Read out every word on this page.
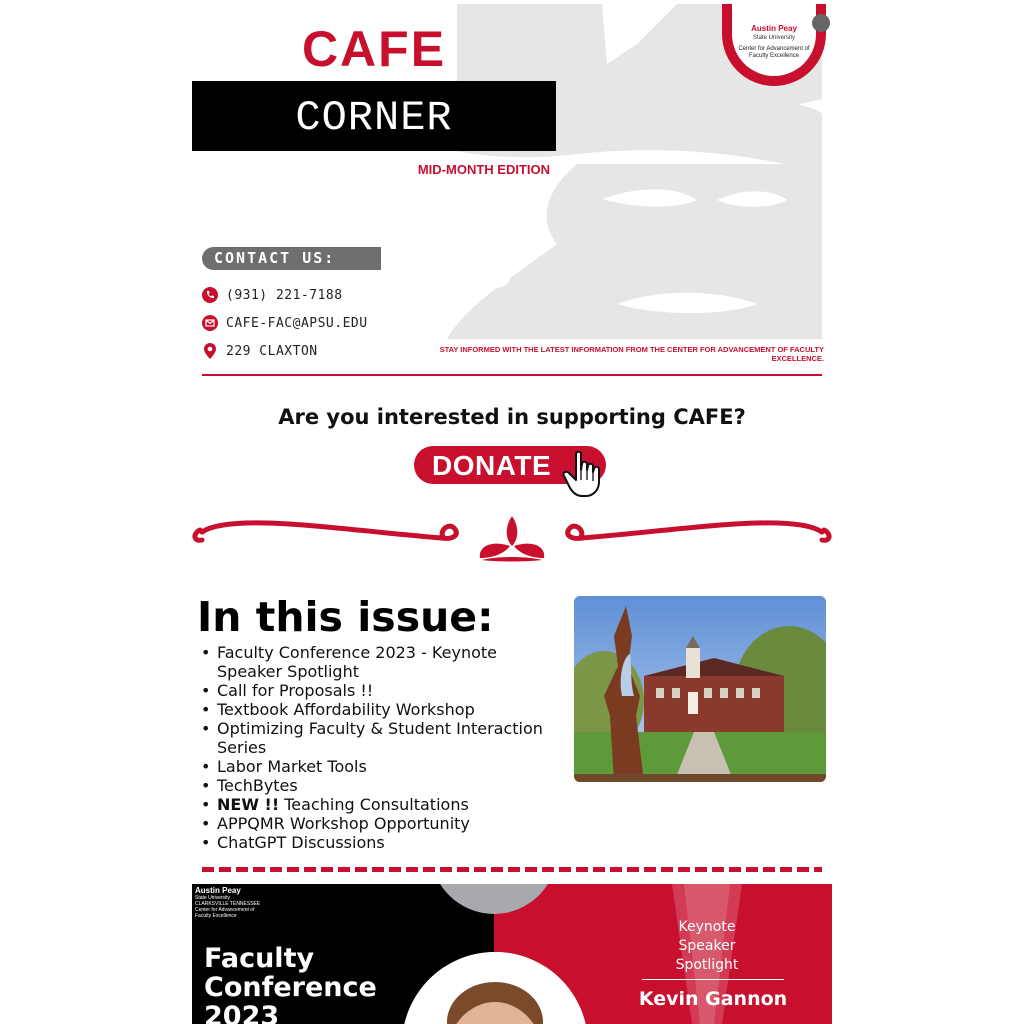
CAFE
CORNER
MID-MONTH EDITION
Austin Peay
State University
Center for Advancement of Faculty Excellence
CONTACT US:
(931) 221-7188
CAFE-FAC@APSU.EDU
229 CLAXTON	STAY INFORMED WITH THE LATEST INFORMATION FROM THE CENTER FOR ADVANCEMENT OF FACULTY EXCELLENCE.
Are you interested in supporting CAFE?
DONATE
In this issue:
• Faculty Conference 2023 - Keynote Speaker Spotlight
• Call for Proposals !!
• Textbook Affordability Workshop
• Optimizing Faculty & Student Interaction Series
• Labor Market Tools
• TechBytes
• NEW !! Teaching Consultations
• APPQMR Workshop Opportunity
• ChatGPT Discussions
Austin Peay
State University
CLARKSVILLE TENNESSEE
Center for Advancement of Faculty Excellence
Faculty
Conference
2023
Keynote
Speaker
Spotlight
Kevin Gannon
